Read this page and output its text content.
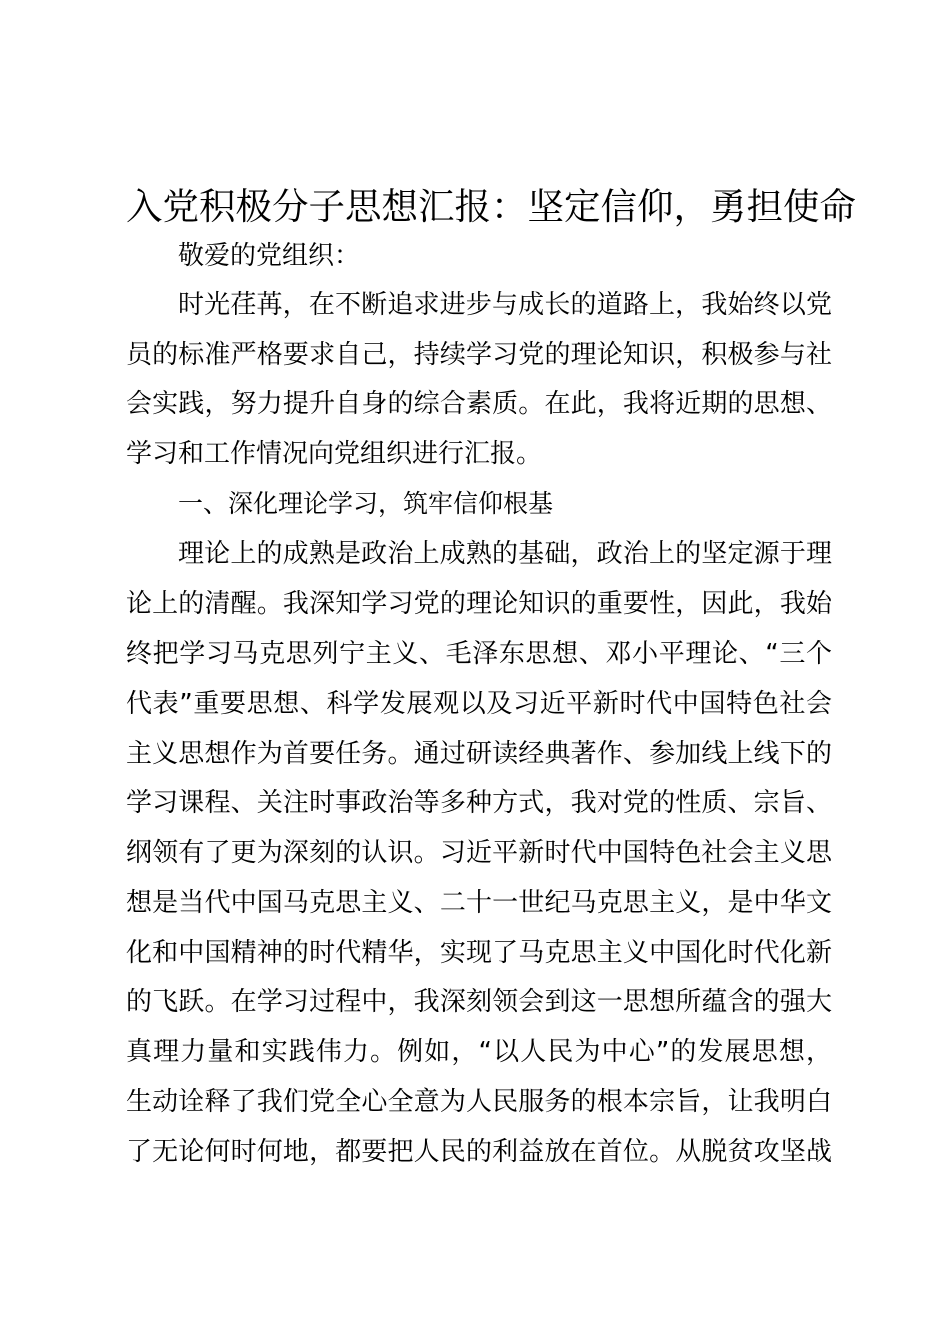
入党积极分子思想汇报：坚定信仰，勇担使命
敬爱的党组织：
时光荏苒，在不断追求进步与成长的道路上，我始终以党
员的标准严格要求自己，持续学习党的理论知识，积极参与社
会实践，努力提升自身的综合素质。在此，我将近期的思想、
学习和工作情况向党组织进行汇报。
一、深化理论学习，筑牢信仰根基
理论上的成熟是政治上成熟的基础，政治上的坚定源于理
论上的清醒。我深知学习党的理论知识的重要性，因此，我始
终把学习马克思列宁主义、毛泽东思想、邓小平理论、“三个
代表”重要思想、科学发展观以及习近平新时代中国特色社会
主义思想作为首要任务。通过研读经典著作、参加线上线下的
学习课程、关注时事政治等多种方式，我对党的性质、宗旨、
纲领有了更为深刻的认识。习近平新时代中国特色社会主义思
想是当代中国马克思主义、二十一世纪马克思主义，是中华文
化和中国精神的时代精华，实现了马克思主义中国化时代化新
的飞跃。在学习过程中，我深刻领会到这一思想所蕴含的强大
真理力量和实践伟力。例如，“以人民为中心”的发展思想，
生动诠释了我们党全心全意为人民服务的根本宗旨，让我明白
了无论何时何地，都要把人民的利益放在首位。从脱贫攻坚战
